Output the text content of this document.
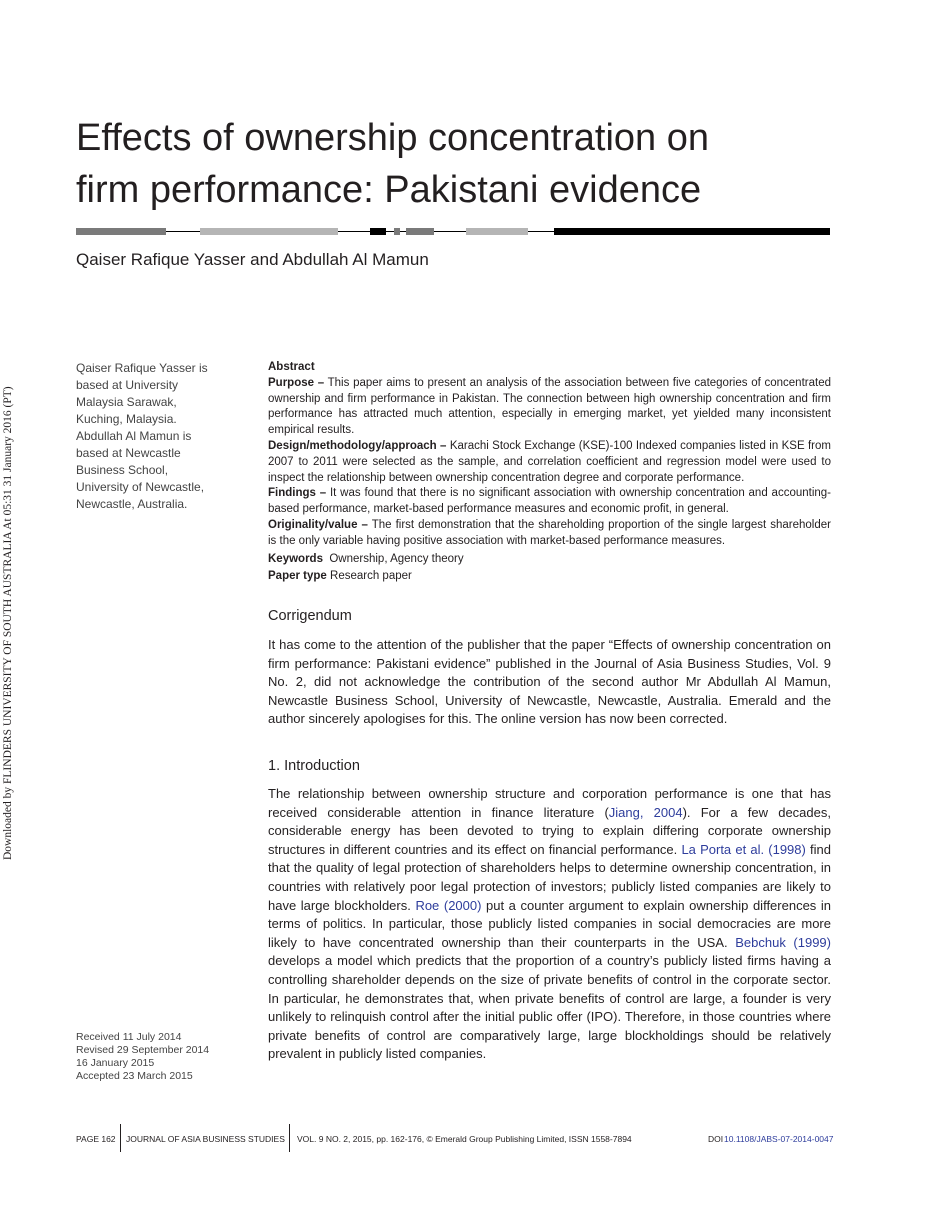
Downloaded by FLINDERS UNIVERSITY OF SOUTH AUSTRALIA At 05:31 31 January 2016 (PT)
Effects of ownership concentration on
firm performance: Pakistani evidence
Qaiser Rafique Yasser and Abdullah Al Mamun
Qaiser Rafique Yasser is
based at University
Malaysia Sarawak,
Kuching, Malaysia.
Abdullah Al Mamun is
based at Newcastle
Business School,
University of Newcastle,
Newcastle, Australia.

Abstract

Purpose – This paper aims to present an analysis of the association between five categories of concentrated ownership and firm performance in Pakistan. The connection between high ownership concentration and firm performance has attracted much attention, especially in emerging market, yet yielded many inconsistent empirical results.

Design/methodology/approach – Karachi Stock Exchange (KSE)-100 Indexed companies listed in KSE from 2007 to 2011 were selected as the sample, and correlation coefficient and regression model were used to inspect the relationship between ownership concentration degree and corporate performance.

Findings – It was found that there is no significant association with ownership concentration and accounting-based performance, market-based performance measures and economic profit, in general.

Originality/value – The first demonstration that the shareholding proportion of the single largest shareholder is the only variable having positive association with market-based performance measures.

Keywords Ownership, Agency theory

Paper type Research paper

Corrigendum

It has come to the attention of the publisher that the paper “Effects of ownership concentration on firm performance: Pakistani evidence” published in the Journal of Asia Business Studies, Vol. 9 No. 2, did not acknowledge the contribution of the second author Mr Abdullah Al Mamun, Newcastle Business School, University of Newcastle, Newcastle, Australia. Emerald and the author sincerely apologises for this. The online version has now been corrected.

1. Introduction

The relationship between ownership structure and corporation performance is one that has received considerable attention in finance literature (Jiang, 2004). For a few decades, considerable energy has been devoted to trying to explain differing corporate ownership structures in different countries and its effect on financial performance. La Porta et al. (1998) find that the quality of legal protection of shareholders helps to determine ownership concentration, in countries with relatively poor legal protection of investors; publicly listed companies are likely to have large blockholders. Roe (2000) put a counter argument to explain ownership differences in terms of politics. In particular, those publicly listed companies in social democracies are more likely to have concentrated ownership than their counterparts in the USA. Bebchuk (1999) develops a model which predicts that the proportion of a country’s publicly listed firms having a controlling shareholder depends on the size of private benefits of control in the corporate sector. In particular, he demonstrates that, when private benefits of control are large, a founder is very unlikely to relinquish control after the initial public offer (IPO). Therefore, in those countries where private benefits of control are comparatively large, large blockholdings should be relatively prevalent in publicly listed companies.

Received 11 July 2014
Revised 29 September 2014
16 January 2015
Accepted 23 March 2015
PAGE 162 JOURNAL OF ASIA BUSINESS STUDIES VOL. 9 NO. 2, 2015, pp. 162-176, © Emerald Group Publishing Limited, ISSN 1558-7894	DOI 10.1108/JABS-07-2014-0047
